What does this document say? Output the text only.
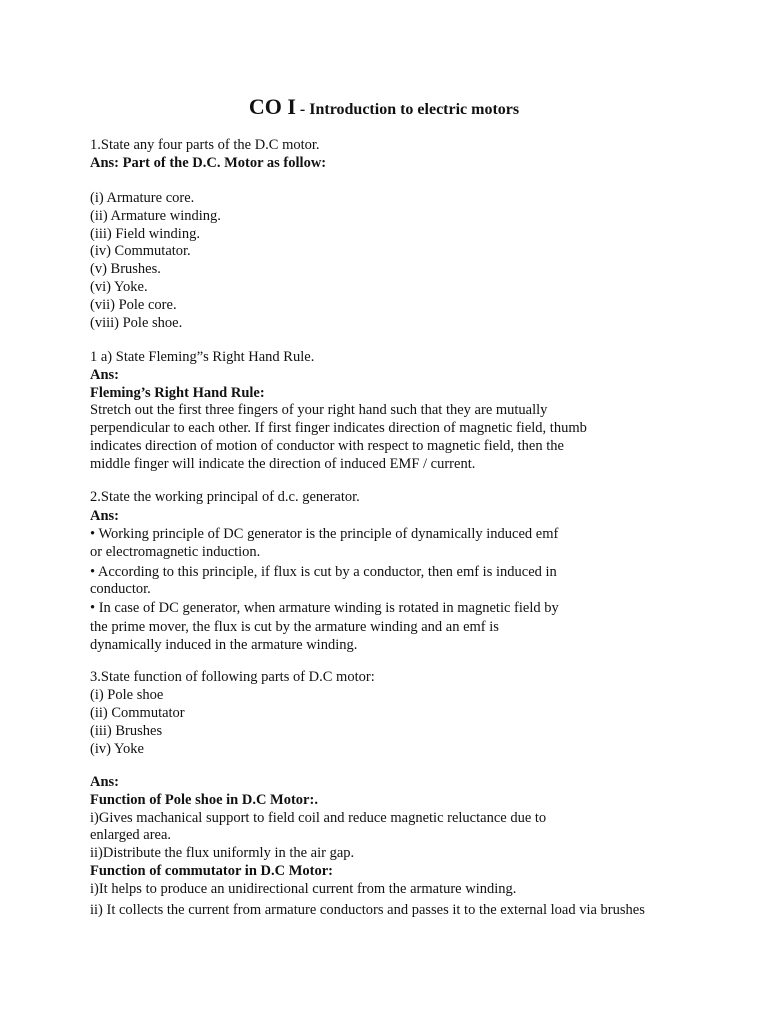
CO I - Introduction to electric motors
1.State any four parts of the D.C motor.
Ans: Part of the D.C. Motor as follow:
(i) Armature core.
(ii) Armature winding.
(iii) Field winding.
(iv) Commutator.
(v) Brushes.
(vi) Yoke.
(vii) Pole core.
(viii) Pole shoe.
1 a) State Fleming”s Right Hand Rule.
Ans:
Fleming’s Right Hand Rule:
Stretch out the first three fingers of your right hand such that they are mutually
perpendicular to each other. If first finger indicates direction of magnetic field, thumb
indicates direction of motion of conductor with respect to magnetic field, then the
middle finger will indicate the direction of induced EMF / current.
2.State the working principal of d.c. generator.
Ans:
• Working principle of DC generator is the principle of dynamically induced emf
or electromagnetic induction.
• According to this principle, if flux is cut by a conductor, then emf is induced in
conductor.
• In case of DC generator, when armature winding is rotated in magnetic field by
the prime mover, the flux is cut by the armature winding and an emf is
dynamically induced in the armature winding.
3.State function of following parts of D.C motor:
(i) Pole shoe
(ii) Commutator
(iii) Brushes
(iv) Yoke
Ans:
Function of Pole shoe in D.C Motor:.
i)Gives machanical support to field coil and reduce magnetic reluctance due to
enlarged area.
ii)Distribute the flux uniformly in the air gap.
Function of commutator in D.C Motor:
i)It helps to produce an unidirectional current from the armature winding.
ii) It collects the current from armature conductors and passes it to the external load via brushes
